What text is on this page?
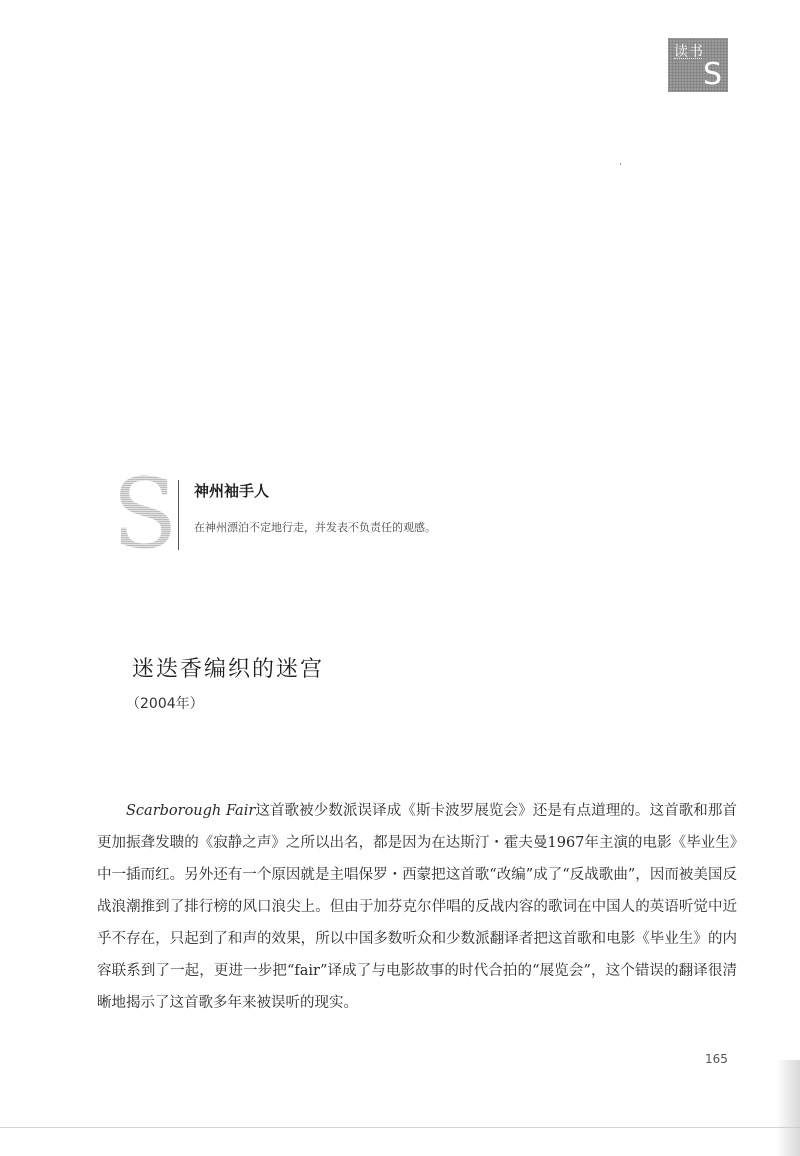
读书
S
S 神州袖手人
在神州漂泊不定地行走，并发表不负责任的观感。
迷迭香编织的迷宫
（2004年）

Scarborough Fair这首歌被少数派误译成《斯卡波罗展览会》还是有点道理的。这首歌和那首更加振聋发聩的《寂静之声》之所以出名，都是因为在达斯汀・霍夫曼1967年主演的电影《毕业生》中一插而红。另外还有一个原因就是主唱保罗・西蒙把这首歌“改编”成了“反战歌曲”，因而被美国反战浪潮推到了排行榜的风口浪尖上。但由于加芬克尔伴唱的反战内容的歌词在中国人的英语听觉中近乎不存在，只起到了和声的效果，所以中国多数听众和少数派翻译者把这首歌和电影《毕业生》的内容联系到了一起，更进一步把“fair”译成了与电影故事的时代合拍的“展览会”，这个错误的翻译很清晰地揭示了这首歌多年来被误听的现实。

165
